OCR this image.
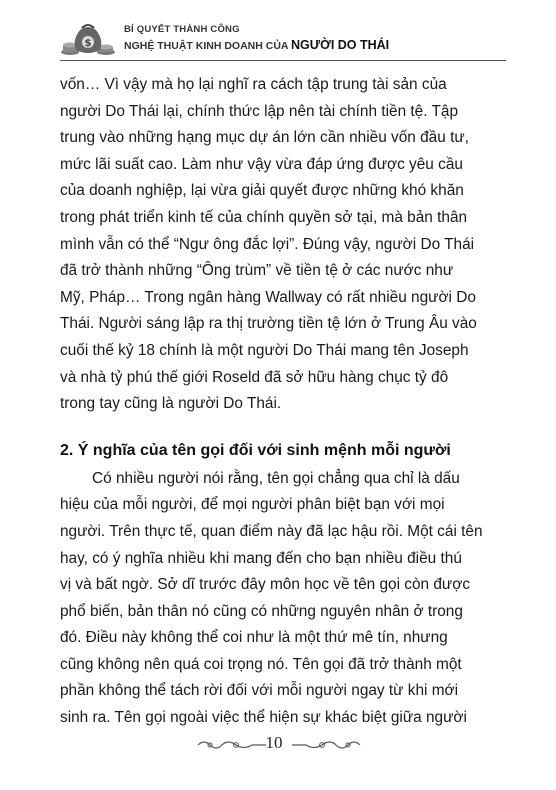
$
BÍ QUYẾT THÀNH CÔNG
NGHỆ THUẬT KINH DOANH CỦA NGƯỜI DO THÁI

vốn… Vì vậy mà họ lại nghĩ ra cách tập trung tài sản của
người Do Thái lại, chính thức lập nên tài chính tiền tệ. Tập
trung vào những hạng mục dự án lớn cần nhiều vốn đầu tư,
mức lãi suất cao. Làm như vậy vừa đáp ứng được yêu cầu
của doanh nghiệp, lại vừa giải quyết được những khó khăn
trong phát triển kinh tế của chính quyền sở tại, mà bản thân
mình vẫn có thể “Ngư ông đắc lợi”. Đúng vậy, người Do Thái
đã trở thành những “Ông trùm” về tiền tệ ở các nước như
Mỹ, Pháp… Trong ngân hàng Wallway có rất nhiều người Do
Thái. Người sáng lập ra thị trường tiền tệ lớn ở Trung Âu vào
cuối thế kỷ 18 chính là một người Do Thái mang tên Joseph
và nhà tỷ phú thế giới Roseld đã sở hữu hàng chục tỷ đô
trong tay cũng là người Do Thái.

2. Ý nghĩa của tên gọi đối với sinh mệnh mỗi người

Có nhiều người nói rằng, tên gọi chẳng qua chỉ là dấu
hiệu của mỗi người, để mọi người phân biệt bạn với mọi
người. Trên thực tế, quan điểm này đã lạc hậu rồi. Một cái tên
hay, có ý nghĩa nhiều khi mang đến cho bạn nhiều điều thú
vị và bất ngờ. Sở dĩ trước đây môn học về tên gọi còn được
phổ biến, bản thân nó cũng có những nguyên nhân ở trong
đó. Điều này không thể coi như là một thứ mê tín, nhưng
cũng không nên quá coi trọng nó. Tên gọi đã trở thành một
phần không thể tách rời đối với mỗi người ngay từ khi mới
sinh ra. Tên gọi ngoài việc thể hiện sự khác biệt giữa người

10
